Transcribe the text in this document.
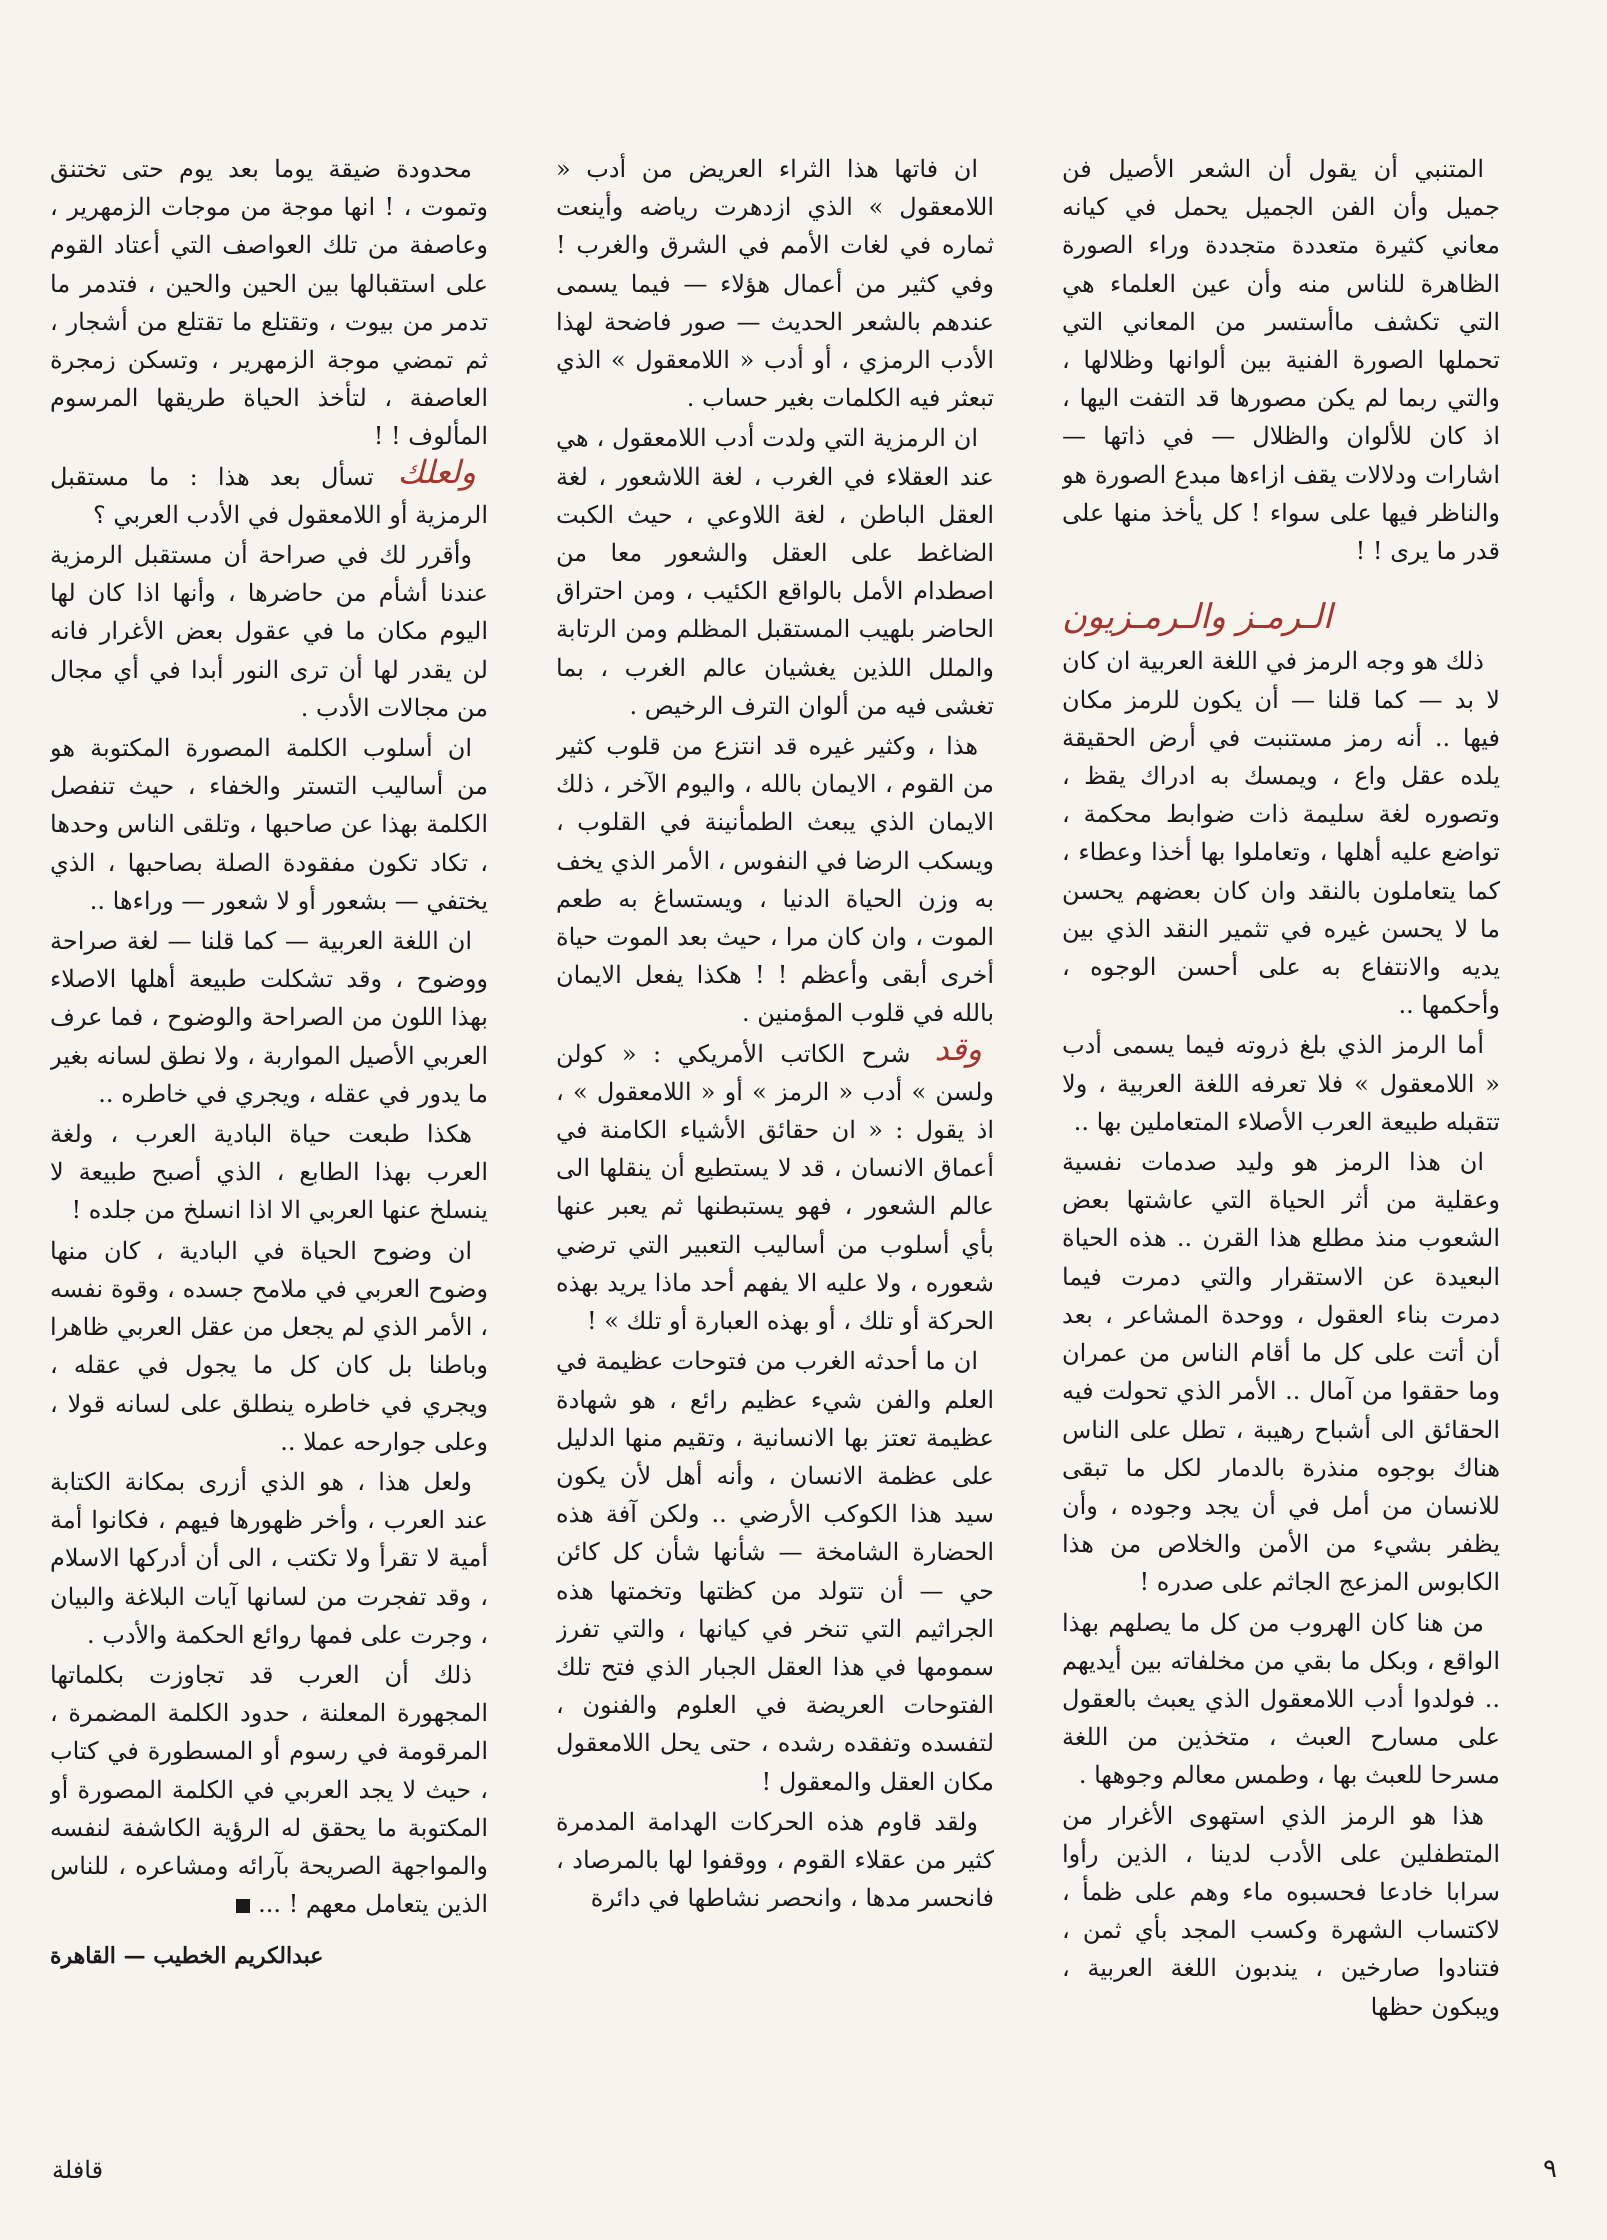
المتنبي أن يقول أن الشعر الأصيل فن جميل وأن الفن الجميل يحمل في كيانه معاني كثيرة متعددة متجددة وراء الصورة الظاهرة للناس منه وأن عين العلماء هي التي تكشف ماأستسر من المعاني التي تحملها الصورة الفنية بين ألوانها وظلالها ، والتي ربما لم يكن مصورها قد التفت اليها ، اذ كان للألوان والظلال — في ذاتها — اشارات ودلالات يقف ازاءها مبدع الصورة هو والناظر فيها على سواء ! كل يأخذ منها على قدر ما يرى ! !

الـرمـز والـرمـزيون

ذلك هو وجه الرمز في اللغة العربية ان كان لا بد — كما قلنا — أن يكون للرمز مكان فيها .. أنه رمز مستنبت في أرض الحقيقة يلده عقل واع ، ويمسك به ادراك يقظ ، وتصوره لغة سليمة ذات ضوابط محكمة ، تواضع عليه أهلها ، وتعاملوا بها أخذا وعطاء ، كما يتعاملون بالنقد وان كان بعضهم يحسن ما لا يحسن غيره في تثمير النقد الذي بين يديه والانتفاع به على أحسن الوجوه ، وأحكمها ..

أما الرمز الذي بلغ ذروته فيما يسمى أدب « اللامعقول » فلا تعرفه اللغة العربية ، ولا تتقبله طبيعة العرب الأصلاء المتعاملين بها ..

ان هذا الرمز هو وليد صدمات نفسية وعقلية من أثر الحياة التي عاشتها بعض الشعوب منذ مطلع هذا القرن .. هذه الحياة البعيدة عن الاستقرار والتي دمرت فيما دمرت بناء العقول ، ووحدة المشاعر ، بعد أن أتت على كل ما أقام الناس من عمران وما حققوا من آمال .. الأمر الذي تحولت فيه الحقائق الى أشباح رهيبة ، تطل على الناس هناك بوجوه منذرة بالدمار لكل ما تبقى للانسان من أمل في أن يجد وجوده ، وأن يظفر بشيء من الأمن والخلاص من هذا الكابوس المزعج الجاثم على صدره !

من هنا كان الهروب من كل ما يصلهم بهذا الواقع ، وبكل ما بقي من مخلفاته بين أيديهم .. فولدوا أدب اللامعقول الذي يعبث بالعقول على مسارح العبث ، متخذين من اللغة مسرحا للعبث بها ، وطمس معالم وجوهها .

هذا هو الرمز الذي استهوى الأغرار من المتطفلين على الأدب لدينا ، الذين رأوا سرابا خادعا فحسبوه ماء وهم على ظمأ ، لاكتساب الشهرة وكسب المجد بأي ثمن ، فتنادوا صارخين ، يندبون اللغة العربية ، ويبكون حظها

ان فاتها هذا الثراء العريض من أدب « اللامعقول » الذي ازدهرت رياضه وأينعت ثماره في لغات الأمم في الشرق والغرب ! وفي كثير من أعمال هؤلاء — فيما يسمى عندهم بالشعر الحديث — صور فاضحة لهذا الأدب الرمزي ، أو أدب « اللامعقول » الذي تبعثر فيه الكلمات بغير حساب .

ان الرمزية التي ولدت أدب اللامعقول ، هي عند العقلاء في الغرب ، لغة اللاشعور ، لغة العقل الباطن ، لغة اللاوعي ، حيث الكبت الضاغط على العقل والشعور معا من اصطدام الأمل بالواقع الكئيب ، ومن احتراق الحاضر بلهيب المستقبل المظلم ومن الرتابة والملل اللذين يغشيان عالم الغرب ، بما تغشى فيه من ألوان الترف الرخيص .

هذا ، وكثير غيره قد انتزع من قلوب كثير من القوم ، الايمان بالله ، واليوم الآخر ، ذلك الايمان الذي يبعث الطمأنينة في القلوب ، ويسكب الرضا في النفوس ، الأمر الذي يخف به وزن الحياة الدنيا ، ويستساغ به طعم الموت ، وان كان مرا ، حيث بعد الموت حياة أخرى أبقى وأعظم ! ! هكذا يفعل الايمان بالله في قلوب المؤمنين .

وقد
شرح الكاتب الأمريكي : « كولن ولسن » أدب « الرمز » أو « اللامعقول » ، اذ يقول : « ان حقائق الأشياء الكامنة في أعماق الانسان ، قد لا يستطيع أن ينقلها الى عالم الشعور ، فهو يستبطنها ثم يعبر عنها بأي أسلوب من أساليب التعبير التي ترضي شعوره ، ولا عليه الا يفهم أحد ماذا يريد بهذه الحركة أو تلك ، أو بهذه العبارة أو تلك » !

ان ما أحدثه الغرب من فتوحات عظيمة في العلم والفن شيء عظيم رائع ، هو شهادة عظيمة تعتز بها الانسانية ، وتقيم منها الدليل على عظمة الانسان ، وأنه أهل لأن يكون سيد هذا الكوكب الأرضي .. ولكن آفة هذه الحضارة الشامخة — شأنها شأن كل كائن حي — أن تتولد من كظتها وتخمتها هذه الجراثيم التي تنخر في كيانها ، والتي تفرز سمومها في هذا العقل الجبار الذي فتح تلك الفتوحات العريضة في العلوم والفنون ، لتفسده وتفقده رشده ، حتى يحل اللامعقول مكان العقل والمعقول !

ولقد قاوم هذه الحركات الهدامة المدمرة كثير من عقلاء القوم ، ووقفوا لها بالمرصاد ، فانحسر مدها ، وانحصر نشاطها في دائرة

محدودة ضيقة يوما بعد يوم حتى تختنق وتموت ، ! انها موجة من موجات الزمهرير ، وعاصفة من تلك العواصف التي أعتاد القوم على استقبالها بين الحين والحين ، فتدمر ما تدمر من بيوت ، وتقتلع ما تقتلع من أشجار ، ثم تمضي موجة الزمهرير ، وتسكن زمجرة العاصفة ، لتأخذ الحياة طريقها المرسوم المألوف ! !

ولعلك
تسأل بعد هذا : ما مستقبل الرمزية أو اللامعقول في الأدب العربي ؟

وأقرر لك في صراحة أن مستقبل الرمزية عندنا أشأم من حاضرها ، وأنها اذا كان لها اليوم مكان ما في عقول بعض الأغرار فانه لن يقدر لها أن ترى النور أبدا في أي مجال من مجالات الأدب .

ان أسلوب الكلمة المصورة المكتوبة هو من أساليب التستر والخفاء ، حيث تنفصل الكلمة بهذا عن صاحبها ، وتلقى الناس وحدها ، تكاد تكون مفقودة الصلة بصاحبها ، الذي يختفي — بشعور أو لا شعور — وراءها ..

ان اللغة العربية — كما قلنا — لغة صراحة ووضوح ، وقد تشكلت طبيعة أهلها الاصلاء بهذا اللون من الصراحة والوضوح ، فما عرف العربي الأصيل المواربة ، ولا نطق لسانه بغير ما يدور في عقله ، ويجري في خاطره ..

هكذا طبعت حياة البادية العرب ، ولغة العرب بهذا الطابع ، الذي أصبح طبيعة لا ينسلخ عنها العربي الا اذا انسلخ من جلده !

ان وضوح الحياة في البادية ، كان منها وضوح العربي في ملامح جسده ، وقوة نفسه ، الأمر الذي لم يجعل من عقل العربي ظاهرا وباطنا بل كان كل ما يجول في عقله ، ويجري في خاطره ينطلق على لسانه قولا ، وعلى جوارحه عملا ..

ولعل هذا ، هو الذي أزرى بمكانة الكتابة عند العرب ، وأخر ظهورها فيهم ، فكانوا أمة أمية لا تقرأ ولا تكتب ، الى أن أدركها الاسلام ، وقد تفجرت من لسانها آيات البلاغة والبيان ، وجرت على فمها روائع الحكمة والأدب .

ذلك أن العرب قد تجاوزت بكلماتها المجهورة المعلنة ، حدود الكلمة المضمرة ، المرقومة في رسوم أو المسطورة في كتاب ، حيث لا يجد العربي في الكلمة المصورة أو المكتوبة ما يحقق له الرؤية الكاشفة لنفسه والمواجهة الصريحة بآرائه ومشاعره ، للناس الذين يتعامل معهم ! ...

عبدالكريم الخطيب — القاهرة
٩
قافلة
